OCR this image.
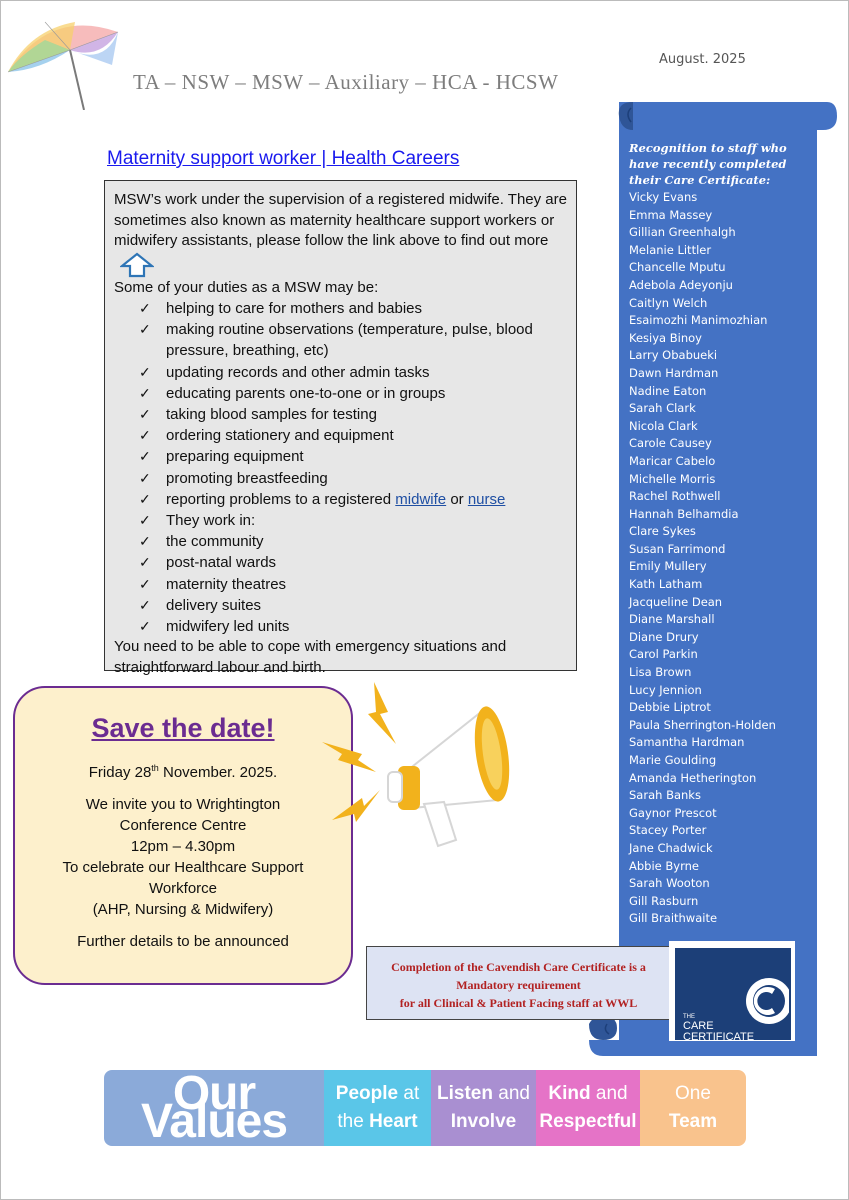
August. 2025
TA – NSW – MSW – Auxiliary – HCA - HCSW
Maternity support worker | Health Careers

MSW’s work under the supervision of a registered midwife. They are sometimes also known as maternity healthcare support workers or midwifery assistants, please follow the link above to find out more

Some of your duties as a MSW may be:

✓ helping to care for mothers and babies
✓ making routine observations (temperature, pulse, blood pressure, breathing, etc)
✓ updating records and other admin tasks
✓ educating parents one-to-one or in groups
✓ taking blood samples for testing
✓ ordering stationery and equipment
✓ preparing equipment
✓ promoting breastfeeding
✓ reporting problems to a registered midwife or nurse
✓ They work in:
✓ the community
✓ post-natal wards
✓ maternity theatres
✓ delivery suites
✓ midwifery led units

You need to be able to cope with emergency situations and straightforward labour and birth.

Recognition to staff who have recently completed their Care Certificate:
Vicky Evans
Emma Massey
Gillian Greenhalgh
Melanie Littler
Chancelle Mputu
Adebola Adeyonju
Caitlyn Welch
Esaimozhi Manimozhian
Kesiya Binoy
Larry Obabueki
Dawn Hardman
Nadine Eaton
Sarah Clark
Nicola Clark
Carole Causey
Maricar Cabelo
Michelle Morris
Rachel Rothwell
Hannah Belhamdia
Clare Sykes
Susan Farrimond
Emily Mullery
Kath Latham
Jacqueline Dean
Diane Marshall
Diane Drury
Carol Parkin
Lisa Brown
Lucy Jennion
Debbie Liptrot
Paula Sherrington-Holden
Samantha Hardman
Marie Goulding
Amanda Hetherington
Sarah Banks
Gaynor Prescot
Stacey Porter
Jane Chadwick
Abbie Byrne
Sarah Wooton
Gill Rasburn
Gill Braithwaite
Save the date!
Friday 28th November. 2025.
We invite you to Wrightington
Conference Centre
12pm – 4.30pm
To celebrate our Healthcare Support
Workforce
(AHP, Nursing & Midwifery)
Further details to be announced
Completion of the Cavendish Care Certificate is a
Mandatory requirement
for all Clinical & Patient Facing staff at WWL
THE
CARE
CERTIFICATE
Our Values
People at
the Heart
Listen and
Involve
Kind and
Respectful
One
Team
